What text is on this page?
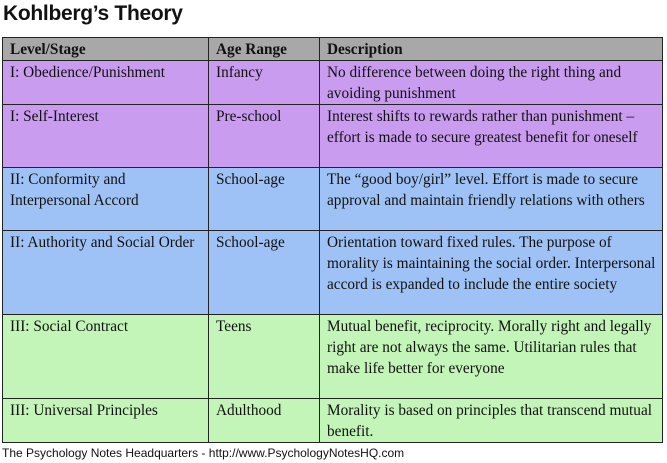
Kohlberg’s Theory
Level/Stage	Age Range	Description
I: Obedience/Punishment	Infancy	No difference between doing the right thing and avoiding punishment
I: Self-Interest	Pre-school	Interest shifts to rewards rather than punishment – effort is made to secure greatest benefit for oneself
II: Conformity and Interpersonal Accord	School-age	The “good boy/girl” level. Effort is made to secure approval and maintain friendly relations with others
II: Authority and Social Order	School-age	Orientation toward fixed rules. The purpose of morality is maintaining the social order. Interpersonal accord is expanded to include the entire society
III: Social Contract	Teens	Mutual benefit, reciprocity. Morally right and legally right are not always the same. Utilitarian rules that make life better for everyone
III: Universal Principles	Adulthood	Morality is based on principles that transcend mutual benefit.
The Psychology Notes Headquarters - http://www.PsychologyNotesHQ.com
